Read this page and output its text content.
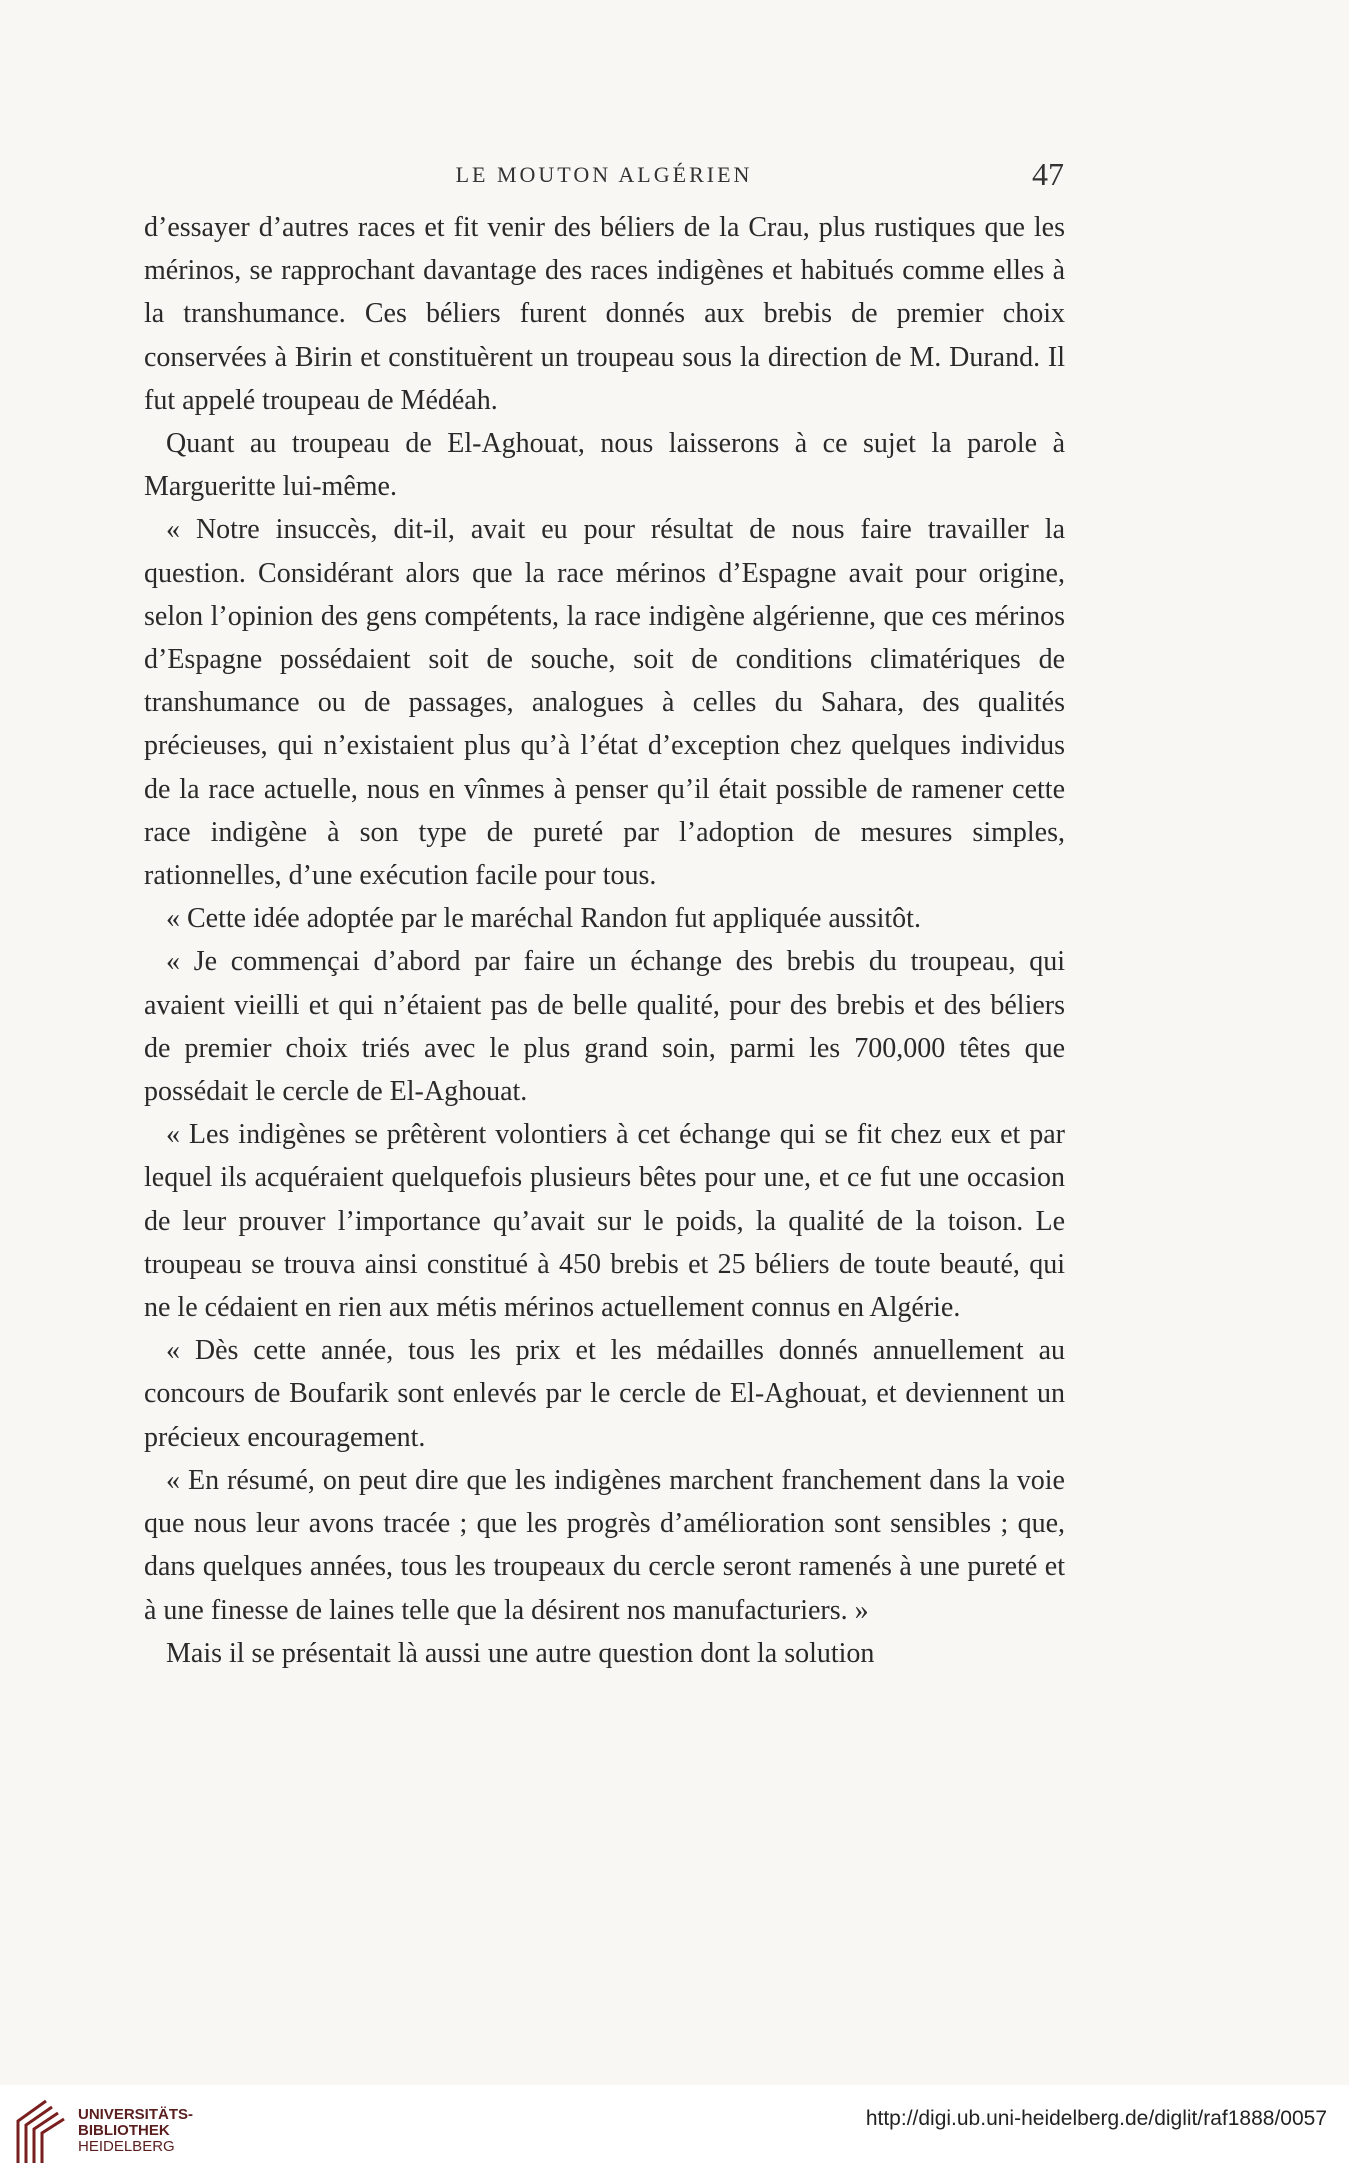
LE MOUTON ALGÉRIEN	47

d’essayer d’autres races et fit venir des béliers de la Crau, plus rustiques que les mérinos, se rapprochant davantage des races indigènes et habitués comme elles à la transhumance. Ces béliers furent donnés aux brebis de premier choix conservées à Birin et constituèrent un troupeau sous la direction de M. Durand. Il fut appelé troupeau de Médéah.

Quant au troupeau de El-Aghouat, nous laisserons à ce sujet la parole à Margueritte lui-même.

« Notre insuccès, dit-il, avait eu pour résultat de nous faire travailler la question. Considérant alors que la race mérinos d’Espagne avait pour origine, selon l’opinion des gens compétents, la race indigène algérienne, que ces mérinos d’Espagne possédaient soit de souche, soit de conditions climatériques de transhumance ou de passages, analogues à celles du Sahara, des qualités précieuses, qui n’existaient plus qu’à l’état d’exception chez quelques individus de la race actuelle, nous en vînmes à penser qu’il était possible de ramener cette race indigène à son type de pureté par l’adoption de mesures simples, rationnelles, d’une exécution facile pour tous.

« Cette idée adoptée par le maréchal Randon fut appliquée aussitôt.

« Je commençai d’abord par faire un échange des brebis du troupeau, qui avaient vieilli et qui n’étaient pas de belle qualité, pour des brebis et des béliers de premier choix triés avec le plus grand soin, parmi les 700,000 têtes que possédait le cercle de El-Aghouat.

« Les indigènes se prêtèrent volontiers à cet échange qui se fit chez eux et par lequel ils acquéraient quelquefois plusieurs bêtes pour une, et ce fut une occasion de leur prouver l’importance qu’avait sur le poids, la qualité de la toison. Le troupeau se trouva ainsi constitué à 450 brebis et 25 béliers de toute beauté, qui ne le cédaient en rien aux métis mérinos actuellement connus en Algérie.

« Dès cette année, tous les prix et les médailles donnés annuellement au concours de Boufarik sont enlevés par le cercle de El-Aghouat, et deviennent un précieux encouragement.

« En résumé, on peut dire que les indigènes marchent franchement dans la voie que nous leur avons tracée ; que les progrès d’amélioration sont sensibles ; que, dans quelques années, tous les troupeaux du cercle seront ramenés à une pureté et à une finesse de laines telle que la désirent nos manufacturiers. »

Mais il se présentait là aussi une autre question dont la solution

UNIVERSITÄTS-
BIBLIOTHEK
HEIDELBERG
http://digi.ub.uni-heidelberg.de/diglit/raf1888/0057
